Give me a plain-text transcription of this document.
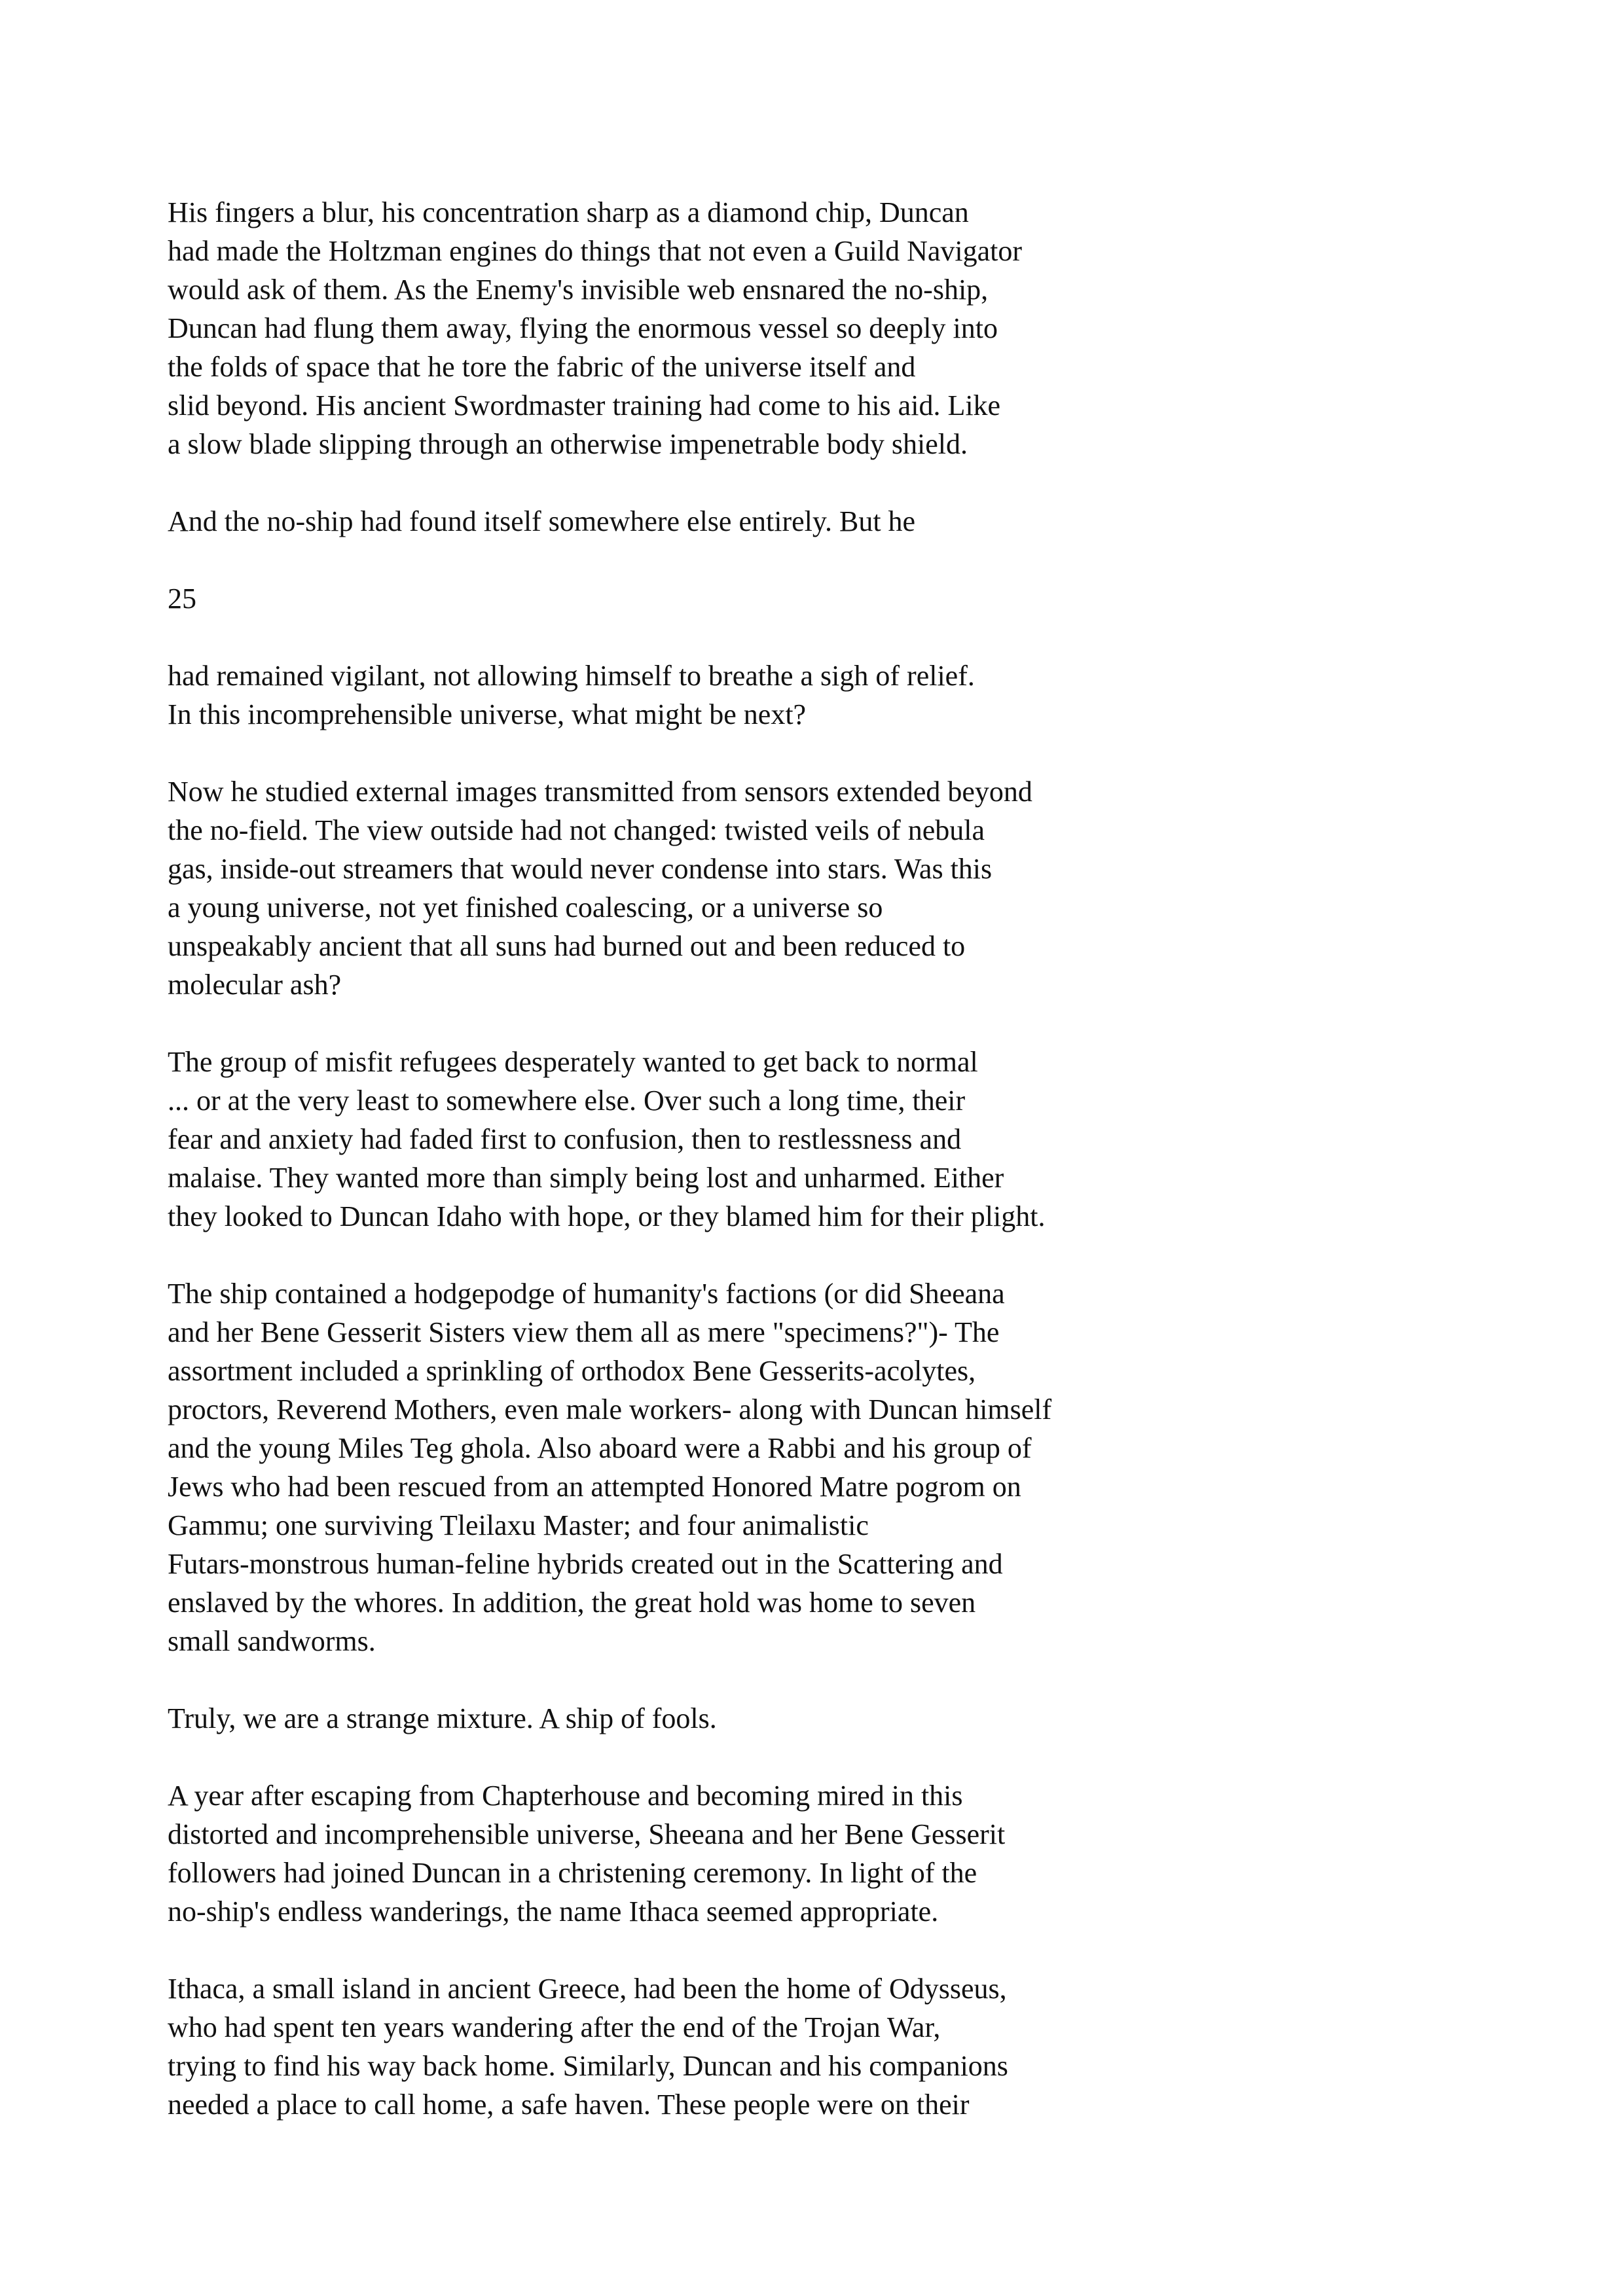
His fingers a blur, his concentration sharp as a diamond chip, Duncan
had made the Holtzman engines do things that not even a Guild Navigator
would ask of them. As the Enemy's invisible web ensnared the no-ship,
Duncan had flung them away, flying the enormous vessel so deeply into
the folds of space that he tore the fabric of the universe itself and
slid beyond. His ancient Swordmaster training had come to his aid. Like
a slow blade slipping through an otherwise impenetrable body shield.

And the no-ship had found itself somewhere else entirely. But he

25

had remained vigilant, not allowing himself to breathe a sigh of relief.
In this incomprehensible universe, what might be next?

Now he studied external images transmitted from sensors extended beyond
the no-field. The view outside had not changed: twisted veils of nebula
gas, inside-out streamers that would never condense into stars. Was this
a young universe, not yet finished coalescing, or a universe so
unspeakably ancient that all suns had burned out and been reduced to
molecular ash?

The group of misfit refugees desperately wanted to get back to normal
... or at the very least to somewhere else. Over such a long time, their
fear and anxiety had faded first to confusion, then to restlessness and
malaise. They wanted more than simply being lost and unharmed. Either
they looked to Duncan Idaho with hope, or they blamed him for their plight.

The ship contained a hodgepodge of humanity's factions (or did Sheeana
and her Bene Gesserit Sisters view them all as mere "specimens?")- The
assortment included a sprinkling of orthodox Bene Gesserits-acolytes,
proctors, Reverend Mothers, even male workers- along with Duncan himself
and the young Miles Teg ghola. Also aboard were a Rabbi and his group of
Jews who had been rescued from an attempted Honored Matre pogrom on
Gammu; one surviving Tleilaxu Master; and four animalistic
Futars-monstrous human-feline hybrids created out in the Scattering and
enslaved by the whores. In addition, the great hold was home to seven
small sandworms.

Truly, we are a strange mixture. A ship of fools.

A year after escaping from Chapterhouse and becoming mired in this
distorted and incomprehensible universe, Sheeana and her Bene Gesserit
followers had joined Duncan in a christening ceremony. In light of the
no-ship's endless wanderings, the name Ithaca seemed appropriate.

Ithaca, a small island in ancient Greece, had been the home of Odysseus,
who had spent ten years wandering after the end of the Trojan War,
trying to find his way back home. Similarly, Duncan and his companions
needed a place to call home, a safe haven. These people were on their
